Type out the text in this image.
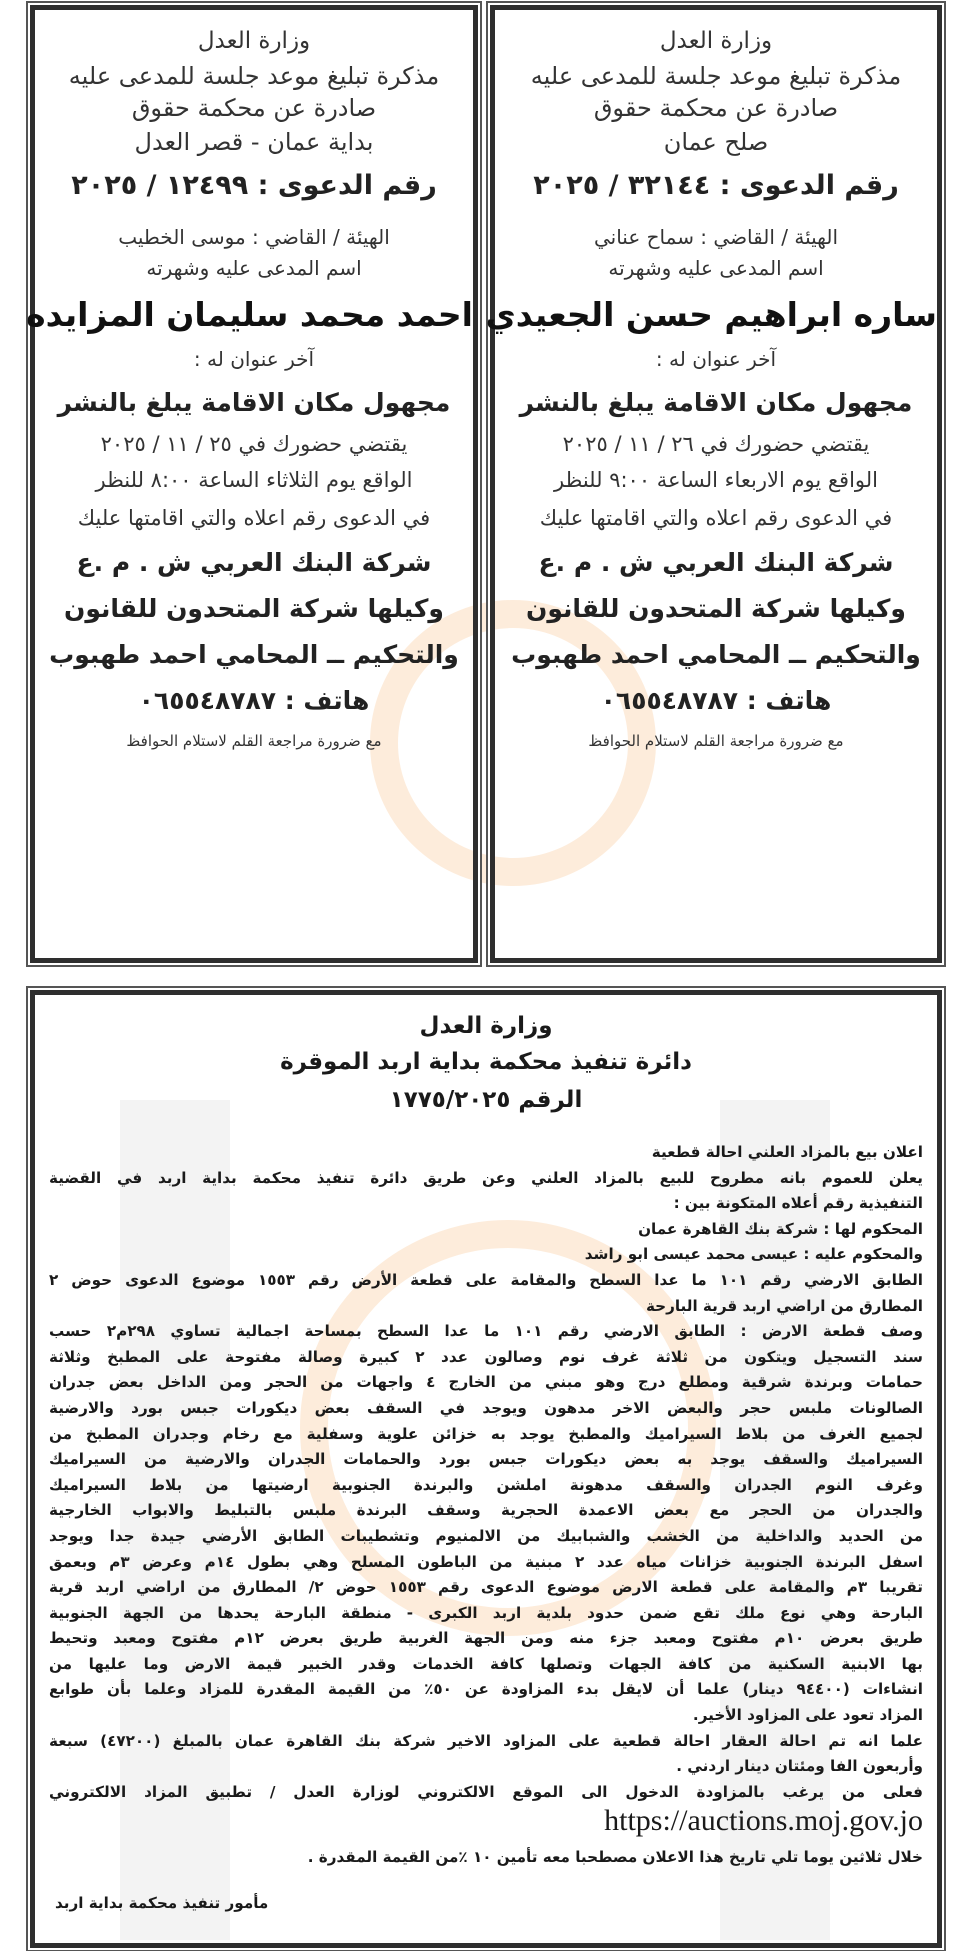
وزارة العدل
مذكرة تبليغ موعد جلسة للمدعى عليه
صادرة عن محكمة حقوق
صلح عمان
رقم الدعوى : ٣٢١٤٤ / ٢٠٢٥
الهيئة / القاضي : سماح عناني
اسم المدعى عليه وشهرته
ساره ابراهيم حسن الجعيدي
آخر عنوان له :
مجهول مكان الاقامة يبلغ بالنشر
يقتضي حضورك في ٢٦ / ١١ / ٢٠٢٥
الواقع يوم الاربعاء الساعة ٩:٠٠ للنظر
في الدعوى رقم اعلاه والتي اقامتها عليك
شركة البنك العربي ش . م .ع
وكيلها شركة المتحدون للقانون
والتحكيم ــ المحامي احمد طهبوب
هاتف : ٠٦٥٥٤٨٧٨٧
مع ضرورة مراجعة القلم لاستلام الحوافظ
وزارة العدل
مذكرة تبليغ موعد جلسة للمدعى عليه
صادرة عن محكمة حقوق
بداية عمان - قصر العدل
رقم الدعوى : ١٢٤٩٩ / ٢٠٢٥
الهيئة / القاضي : موسى الخطيب
اسم المدعى عليه وشهرته
احمد محمد سليمان المزايده
آخر عنوان له :
مجهول مكان الاقامة يبلغ بالنشر
يقتضي حضورك في ٢٥ / ١١ / ٢٠٢٥
الواقع يوم الثلاثاء الساعة ٨:٠٠ للنظر
في الدعوى رقم اعلاه والتي اقامتها عليك
شركة البنك العربي ش . م .ع
وكيلها شركة المتحدون للقانون
والتحكيم ــ المحامي احمد طهبوب
هاتف : ٠٦٥٥٤٨٧٨٧
مع ضرورة مراجعة القلم لاستلام الحوافظ
وزارة العدل
دائرة تنفيذ محكمة بداية اربد الموقرة
الرقم ١٧٧٥/٢٠٢٥
اعلان بيع بالمزاد العلني احالة قطعية
يعلن للعموم بانه مطروح للبيع بالمزاد العلني وعن طريق دائرة تنفيذ محكمة بداية اربد في القضية
التنفيذية رقم أعلاه المتكونة بين :
المحكوم لها : شركة بنك القاهرة عمان
والمحكوم عليه : عيسى محمد عيسى ابو راشد
الطابق الارضي رقم ١٠١ ما عدا السطح والمقامة على قطعة الأرض رقم ١٥٥٣ موضوع الدعوى حوض ٢
المطارق من اراضي اربد قرية البارحة
وصف قطعة الارض : الطابق الارضي رقم ١٠١ ما عدا السطح بمساحة اجمالية تساوي ٢٩٨م٢ حسب
سند التسجيل ويتكون من ثلاثة غرف نوم وصالون عدد ٢ كبيرة وصالة مفتوحة على المطبخ وثلاثة
حمامات وبرندة شرقية ومطلع درج وهو مبني من الخارج ٤ واجهات من الحجر ومن الداخل بعض جدران
الصالونات ملبس حجر والبعض الاخر مدهون ويوجد في السقف بعض ديكورات جبس بورد والارضية
لجميع الغرف من بلاط السيراميك والمطبخ يوجد به خزائن علوية وسفلية مع رخام وجدران المطبخ من
السيراميك والسقف يوجد به بعض ديكورات جبس بورد والحمامات الجدران والارضية من السيراميك
وغرف النوم الجدران والسقف مدهونة املشن والبرندة الجنوبية ارضيتها من بلاط السيراميك
والجدران من الحجر مع بعض الاعمدة الحجرية وسقف البرندة ملبس بالتبليط والابواب الخارجية
من الحديد والداخلية من الخشب والشبابيك من الالمنيوم وتشطيبات الطابق الأرضي جيدة جدا ويوجد
اسفل البرندة الجنوبية خزانات مياه عدد ٢ مبنية من الباطون المسلح وهي بطول ١٤م وعرض ٣م وبعمق
تقريبا ٣م والمقامة على قطعة الارض موضوع الدعوى رقم ١٥٥٣ حوض ٢/ المطارق من اراضي اربد قرية
البارحة وهي نوع ملك تقع ضمن حدود بلدية اربد الكبرى - منطقة البارحة يحدها من الجهة الجنوبية
طريق بعرض ١٠م مفتوح ومعبد جزء منه ومن الجهة الغربية طريق بعرض ١٢م مفتوح ومعبد وتحيط
بها الابنية السكنية من كافة الجهات وتصلها كافة الخدمات وقدر الخبير قيمة الارض وما عليها من
انشاءات (٩٤٤٠٠ دينار) علما أن لايقل بدء المزاودة عن ٥٠٪ من القيمة المقدرة للمزاد وعلما بأن طوابع
المزاد تعود على المزاود الأخير.
علما انه تم احالة العقار احالة قطعية على المزاود الاخير شركة بنك القاهرة عمان بالمبلغ (٤٧٢٠٠) سبعة
وأربعون الفا ومئتان دينار اردني .
فعلى من يرغب بالمزاودة الدخول الى الموقع الالكتروني لوزارة العدل / تطبيق المزاد الالكتروني
https://auctions.moj.gov.jo
خلال ثلاثين يوما تلي تاريخ هذا الاعلان مصطحبا معه تأمين ١٠ ٪من القيمة المقدرة .
مأمور تنفيذ محكمة بداية اربد
